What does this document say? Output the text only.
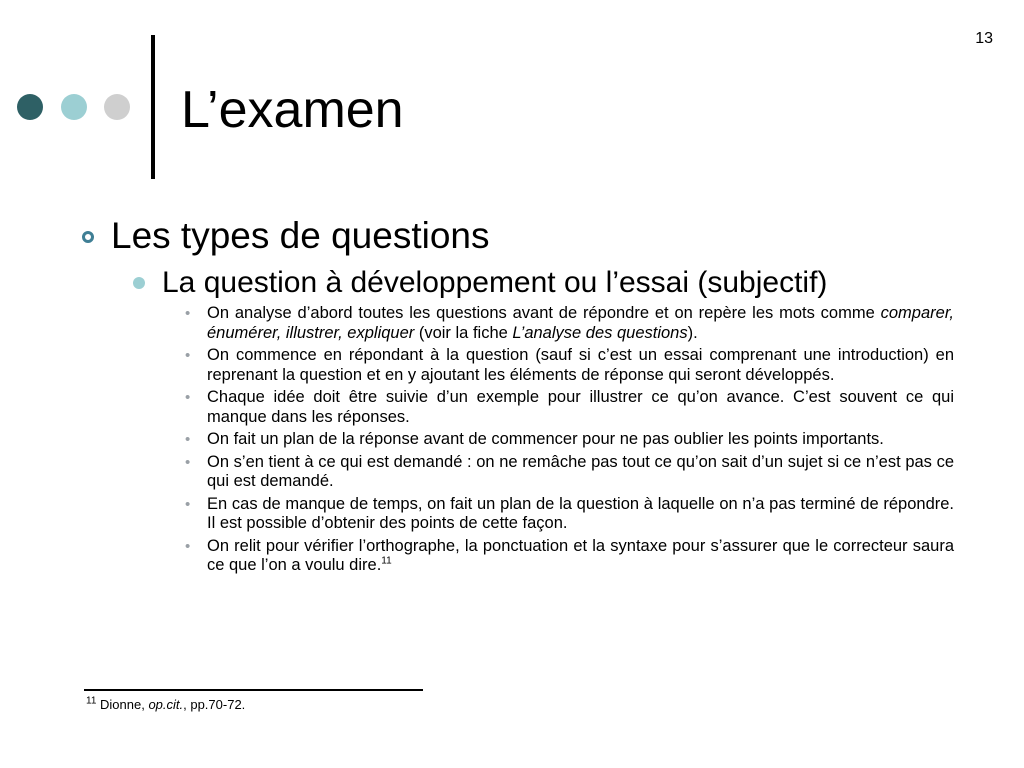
13
L’examen
Les types de questions
La question à développement ou l’essai (subjectif)
• On analyse d’abord toutes les questions avant de répondre et on repère les mots comme comparer, énumérer, illustrer, expliquer (voir la fiche L’analyse des questions).
• On commence en répondant à la question (sauf si c’est un essai comprenant une introduction) en reprenant la question et en y ajoutant les éléments de réponse qui seront développés.
• Chaque idée doit être suivie d’un exemple pour illustrer ce qu’on avance. C’est souvent ce qui manque dans les réponses.
• On fait un plan de la réponse avant de commencer pour ne pas oublier les points importants.
• On s’en tient à ce qui est demandé : on ne remâche pas tout ce qu’on sait d’un sujet si ce n’est pas ce qui est demandé.
• En cas de manque de temps, on fait un plan de la question à laquelle on n’a pas terminé de répondre. Il est possible d’obtenir des points de cette façon.
• On relit pour vérifier l’orthographe, la ponctuation et la syntaxe pour s’assurer que le correcteur saura ce que l’on a voulu dire.$^{11}$
$^{11}$ Dionne, op.cit., pp.70-72.
